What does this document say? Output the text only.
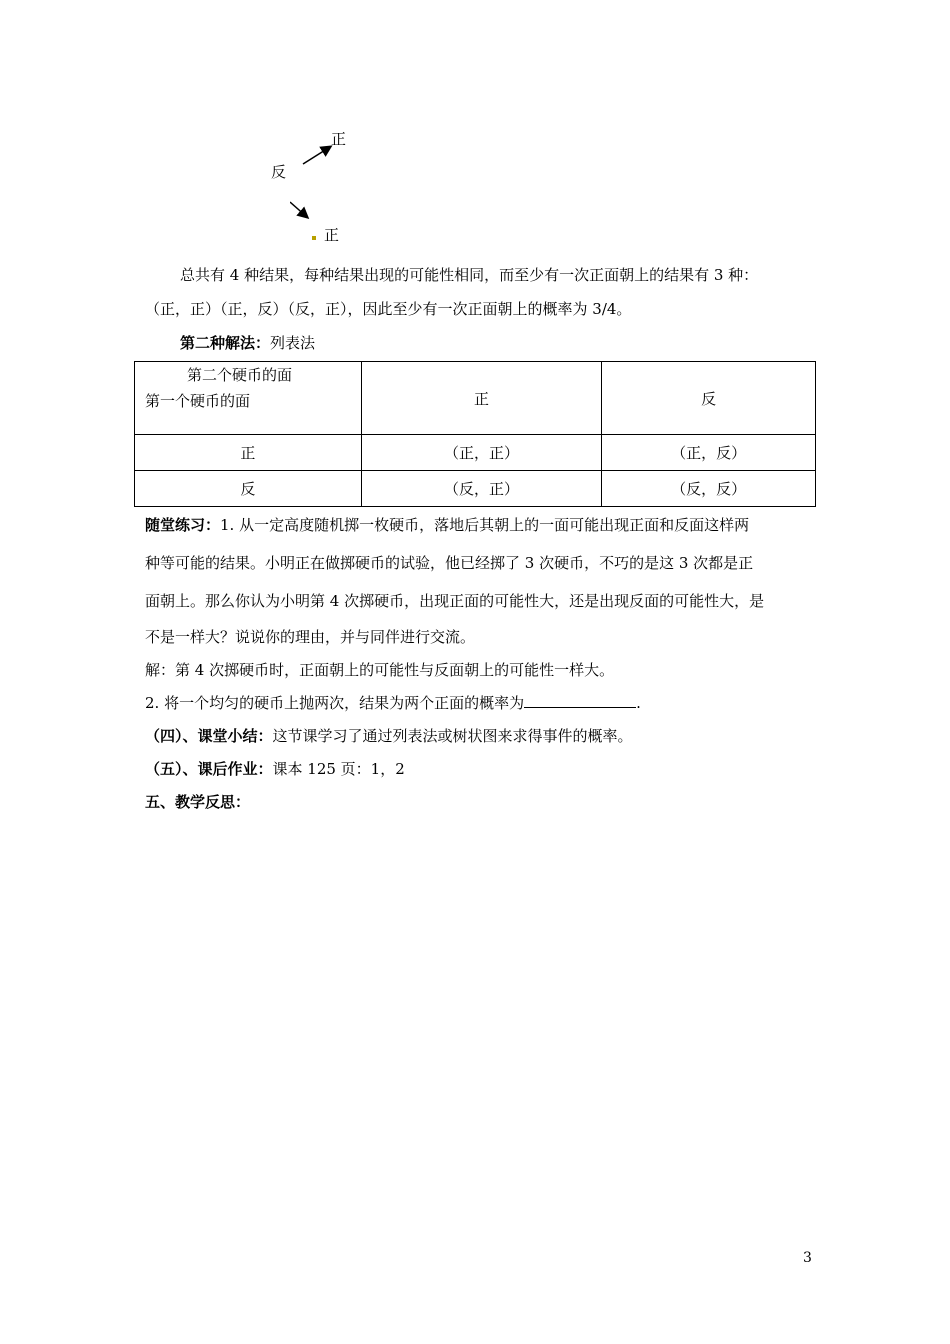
正
反
正
总共有 4 种结果，每种结果出现的可能性相同，而至少有一次正面朝上的结果有 3 种：
（正，正）（正，反）（反，正），因此至少有一次正面朝上的概率为 3/4。
第二种解法：列表法
第二个硬币的面
第一个硬币的面	正	反
正	（正，正）	（正，反）
反	（反，正）	（反，反）
随堂练习：1. 从一定高度随机掷一枚硬币，落地后其朝上的一面可能出现正面和反面这样两
种等可能的结果。小明正在做掷硬币的试验，他已经掷了 3 次硬币，不巧的是这 3 次都是正
面朝上。那么你认为小明第 4 次掷硬币，出现正面的可能性大，还是出现反面的可能性大，是
不是一样大？说说你的理由，并与同伴进行交流。
解：第 4 次掷硬币时，正面朝上的可能性与反面朝上的可能性一样大。
2. 将一个均匀的硬币上抛两次，结果为两个正面的概率为	.
（四）、课堂小结：这节课学习了通过列表法或树状图来求得事件的概率。
（五）、课后作业：课本 125 页：1，2
五、教学反思：
3
